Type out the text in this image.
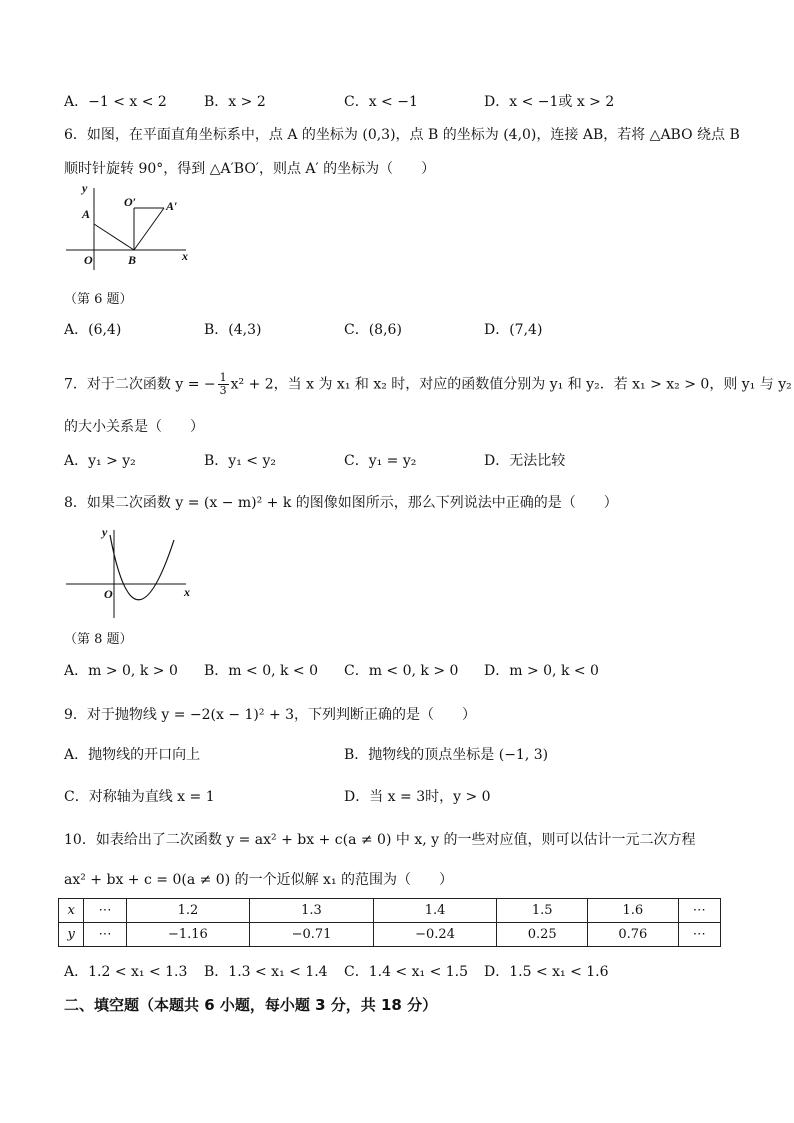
A．−1 < x < 2	B．x > 2	C．x < −1	D．x < −1或 x > 2
6．如图，在平面直角坐标系中，点 A 的坐标为 (0,3)，点 B 的坐标为 (4,0)，连接 AB，若将 △ABO 绕点 B
顺时针旋转 90°，得到 △A′BO′，则点 A′ 的坐标为（　　）
y
A
O	B	x
O′ A′
（第 6 题）
A．(6,4)	B．(4,3)	C．(8,6)	D．(7,4)
7．对于二次函数 y = − $\frac{1}{3} x^2 + 2$，当 x 为 x₁ 和 x₂ 时，对应的函数值分别为 y₁ 和 y₂．若 x₁ > x₂ > 0，则 y₁ 与 y₂
的大小关系是（　　）
A．y₁ > y₂	B．y₁ < y₂	C．y₁ = y₂	D．无法比较
8．如果二次函数 y = (x − m)² + k 的图像如图所示，那么下列说法中正确的是（　　）
y
O	x
（第 8 题）
A．m > 0, k > 0 B．m < 0, k < 0 C．m < 0, k > 0 D．m > 0, k < 0
9．对于抛物线 y = −2(x − 1)² + 3，下列判断正确的是（　　）
A．抛物线的开口向上	B．抛物线的顶点坐标是 (−1, 3)
C．对称轴为直线 x = 1	D．当 x = 3时，y > 0
10．如表给出了二次函数 y = ax² + bx + c(a ≠ 0) 中 x, y 的一些对应值，则可以估计一元二次方程
ax² + bx + c = 0(a ≠ 0) 的一个近似解 x₁ 的范围为（　　）
x	⋯	1.2	1.3	1.4	1.5	1.6	⋯
y	⋯	−1.16	−0.71	−0.24	0.25	0.76	⋯
A．1.2 < x₁ < 1.3 B．1.3 < x₁ < 1.4 C．1.4 < x₁ < 1.5 D．1.5 < x₁ < 1.6
二、填空题（本题共 6 小题，每小题 3 分，共 18 分）
